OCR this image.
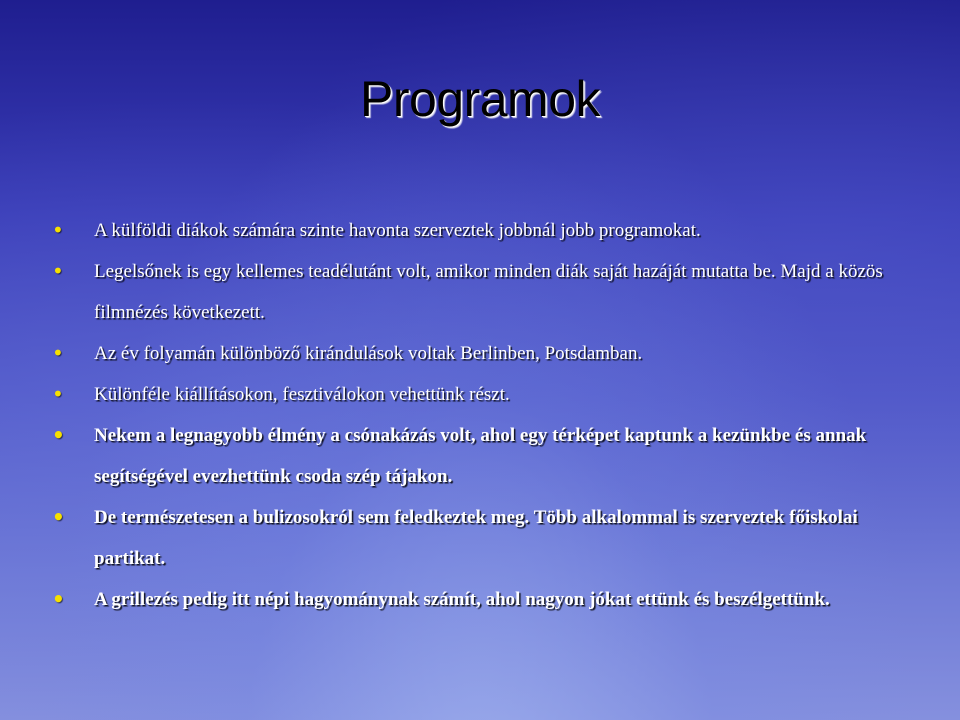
Programok
• A külföldi diákok számára szinte havonta szerveztek jobbnál jobb programokat.
• Legelsőnek is egy kellemes teadélutánt volt, amikor minden diák saját hazáját mutatta be. Majd a közös filmnézés következett.
• Az év folyamán különböző kirándulások voltak Berlinben, Potsdamban.
• Különféle kiállításokon, fesztiválokon vehettünk részt.
• Nekem a legnagyobb élmény a csónakázás volt, ahol egy térképet kaptunk a kezünkbe és annak segítségével evezhettünk csoda szép tájakon.
• De természetesen a bulizosokról sem feledkeztek meg. Több alkalommal is szerveztek főiskolai partikat.
• A grillezés pedig itt népi hagyománynak számít, ahol nagyon jókat ettünk és beszélgettünk.
